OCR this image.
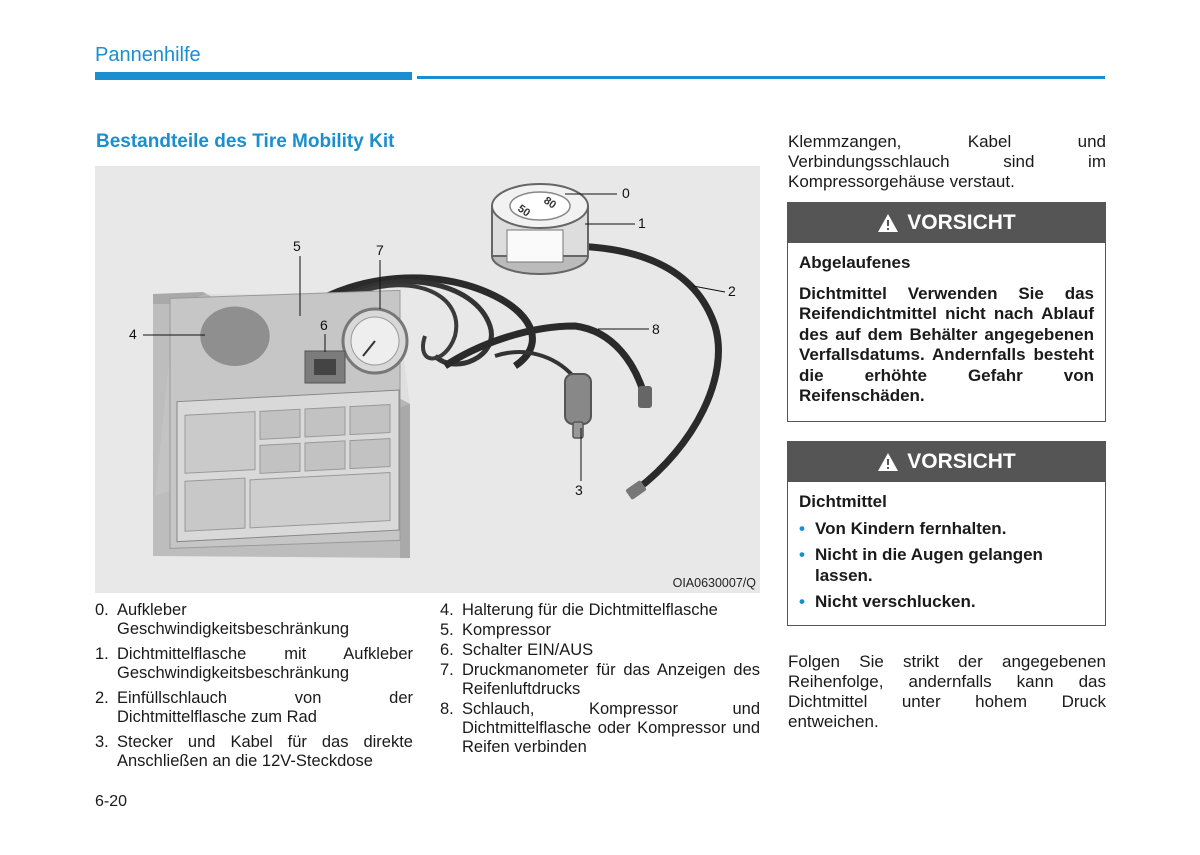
Pannenhilfe
Bestandteile des Tire Mobility Kit
80
50
0
1
2
3
4
5
6
7
8
OIA0630007/Q
0. Aufkleber Geschwindigkeitsbeschränkung
1. Dichtmittelflasche mit Aufkleber Geschwindigkeitsbeschränkung
2. Einfüllschlauch von der Dichtmittelflasche zum Rad
3. Stecker und Kabel für das direkte Anschließen an die 12V-Steckdose
4. Halterung für die Dichtmittelflasche
5. Kompressor
6. Schalter EIN/AUS
7. Druckmanometer für das Anzeigen des Reifenluftdrucks
8. Schlauch, Kompressor und Dichtmittelflasche oder Kompressor und Reifen verbinden
Klemmzangen, Kabel und Verbindungsschlauch sind im Kompressorgehäuse verstaut.
VORSICHT
Abgelaufenes
Dichtmittel Verwenden Sie das Reifendichtmittel nicht nach Ablauf des auf dem Behälter angegebenen Verfallsdatums. Andernfalls besteht die erhöhte Gefahr von Reifenschäden.
VORSICHT
Dichtmittel
• Von Kindern fernhalten.
• Nicht in die Augen gelangen lassen.
• Nicht verschlucken.
Folgen Sie strikt der angegebenen Reihenfolge, andernfalls kann das Dichtmittel unter hohem Druck entweichen.
6-20
